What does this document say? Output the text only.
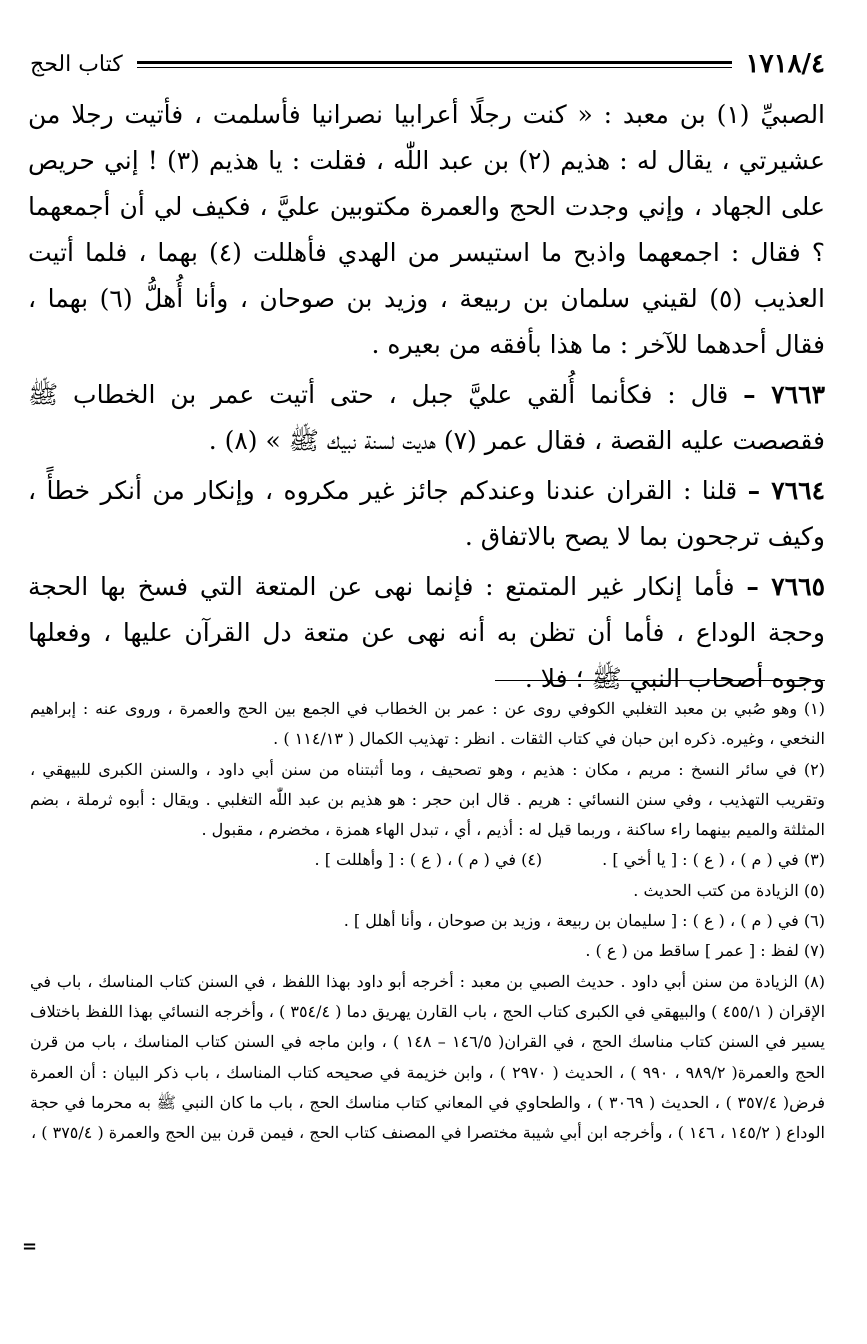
١٧١٨/٤
كتاب الحج

الصبيِّ (١) بن معبد : « كنت رجلًا أعرابيا نصرانيا فأسلمت ، فأتيت رجلا من عشيرتي ، يقال له : هذيم (٢) بن عبد اللّٰه ، فقلت : يا هذيم (٣) ! إني حريص على الجهاد ، وإني وجدت الحج والعمرة مكتوبين عليَّ ، فكيف لي أن أجمعهما ؟ فقال : اجمعهما واذبح ما استيسر من الهدي فأهللت (٤) بهما ، فلما أتيت العذيب (٥) لقيني سلمان بن ربيعة ، وزيد بن صوحان ، وأنا أُهلُّ (٦) بهما ، فقال أحدهما للآخر : ما هذا بأفقه من بعيره .

٧٦٦٣ – قال : فكأنما أُلقي عليَّ جبل ، حتى أتيت عمر بن الخطاب ﷺ فقصصت عليه القصة ، فقال عمر (٧) هديت لسنة نبيك ﷺ » (٨) .

٧٦٦٤ – قلنا : القران عندنا وعندكم جائز غير مكروه ، وإنكار من أنكر خطأً ، وكيف ترجحون بما لا يصح بالاتفاق .

٧٦٦٥ – فأما إنكار غير المتمتع : فإنما نهى عن المتعة التي فسخ بها الحجة وحجة الوداع ، فأما أن تظن به أنه نهى عن متعة دل القرآن عليها ، وفعلها وجوه أصحاب النبي ﷺ ؛ فلا .

(١) وهو صُبي بن معبد التغلبي الكوفي روى عن : عمر بن الخطاب في الجمع بين الحج والعمرة ، وروى عنه : إبراهيم النخعي ، وغيره. ذكره ابن حبان في كتاب الثقات . انظر : تهذيب الكمال ( ١١٤/١٣ ) .

(٢) في سائر النسخ : مريم ، مكان : هذيم ، وهو تصحيف ، وما أثبتناه من سنن أبي داود ، والسنن الكبرى للبيهقي ، وتقريب التهذيب ، وفي سنن النسائي : هريم . قال ابن حجر : هو هذيم بن عبد اللّٰه التغلبي . ويقال : أبوه ثرملة ، بضم المثلثة والميم بينهما راء ساكنة ، وربما قيل له : أذيم ، أي ، تبدل الهاء همزة ، مخضرم ، مقبول .

(٣) في ( م ) ، ( ع ) : [ يا أخي ] .
(٤) في ( م ) ، ( ع ) : [ وأهللت ] .

(٥) الزيادة من كتب الحديث .

(٦) في ( م ) ، ( ع ) : [ سليمان بن ربيعة ، وزيد بن صوحان ، وأنا أهلل ] .

(٧) لفظ : [ عمر ] ساقط من ( ع ) .

(٨) الزيادة من سنن أبي داود . حديث الصبي بن معبد : أخرجه أبو داود بهذا اللفظ ، في السنن كتاب المناسك ، باب في الإقران ( ٤٥٥/١ ) والبيهقي في الكبرى كتاب الحج ، باب القارن يهريق دما ( ٣٥٤/٤ ) ، وأخرجه النسائي بهذا اللفظ باختلاف يسير في السنن كتاب مناسك الحج ، في القران( ١٤٦/٥ – ١٤٨ ) ، وابن ماجه في السنن كتاب المناسك ، باب من قرن الحج والعمرة( ٩٨٩/٢ ، ٩٩٠ ) ، الحديث ( ٢٩٧٠ ) ، وابن خزيمة في صحيحه كتاب المناسك ، باب ذكر البيان : أن العمرة فرض( ٣٥٧/٤ ) ، الحديث ( ٣٠٦٩ ) ، والطحاوي في المعاني كتاب مناسك الحج ، باب ما كان النبي ﷺ به محرما في حجة الوداع ( ١٤٥/٢ ، ١٤٦ ) ، وأخرجه ابن أبي شيبة مختصرا في المصنف كتاب الحج ، فيمن قرن بين الحج والعمرة ( ٣٧٥/٤ ) ،

=
